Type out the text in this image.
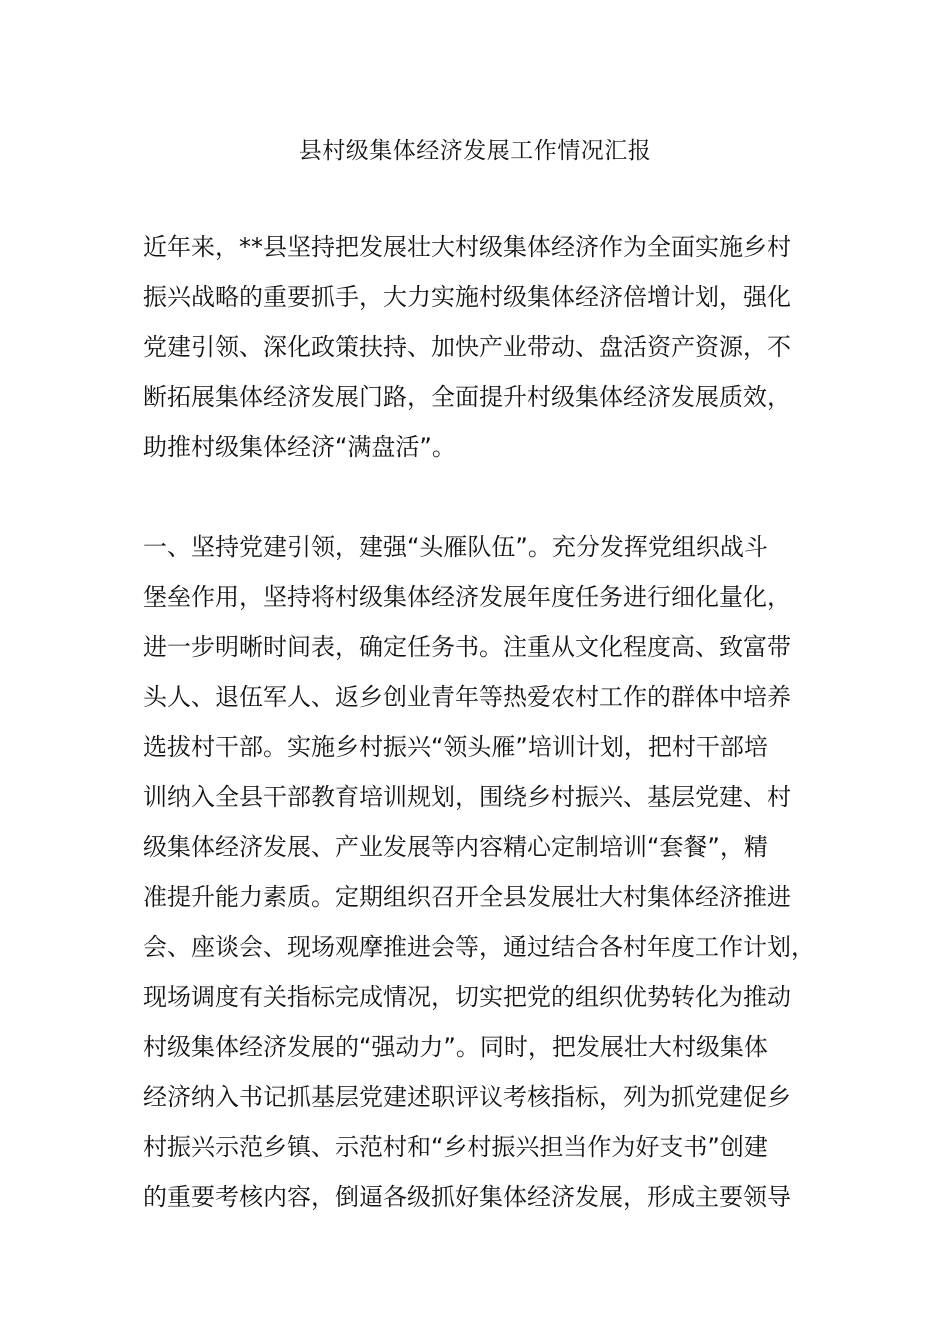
县村级集体经济发展工作情况汇报
近年来，**县坚持把发展壮大村级集体经济作为全面实施乡村
振兴战略的重要抓手，大力实施村级集体经济倍增计划，强化
党建引领、深化政策扶持、加快产业带动、盘活资产资源，不
断拓展集体经济发展门路，全面提升村级集体经济发展质效，
助推村级集体经济“满盘活”。
一、坚持党建引领，建强“头雁队伍”。充分发挥党组织战斗
堡垒作用，坚持将村级集体经济发展年度任务进行细化量化，
进一步明晰时间表，确定任务书。注重从文化程度高、致富带
头人、退伍军人、返乡创业青年等热爱农村工作的群体中培养
选拔村干部。实施乡村振兴“领头雁”培训计划，把村干部培
训纳入全县干部教育培训规划，围绕乡村振兴、基层党建、村
级集体经济发展、产业发展等内容精心定制培训“套餐”，精
准提升能力素质。定期组织召开全县发展壮大村集体经济推进
会、座谈会、现场观摩推进会等，通过结合各村年度工作计划，
现场调度有关指标完成情况，切实把党的组织优势转化为推动
村级集体经济发展的“强动力”。同时，把发展壮大村级集体
经济纳入书记抓基层党建述职评议考核指标，列为抓党建促乡
村振兴示范乡镇、示范村和“乡村振兴担当作为好支书”创建
的重要考核内容，倒逼各级抓好集体经济发展，形成主要领导
